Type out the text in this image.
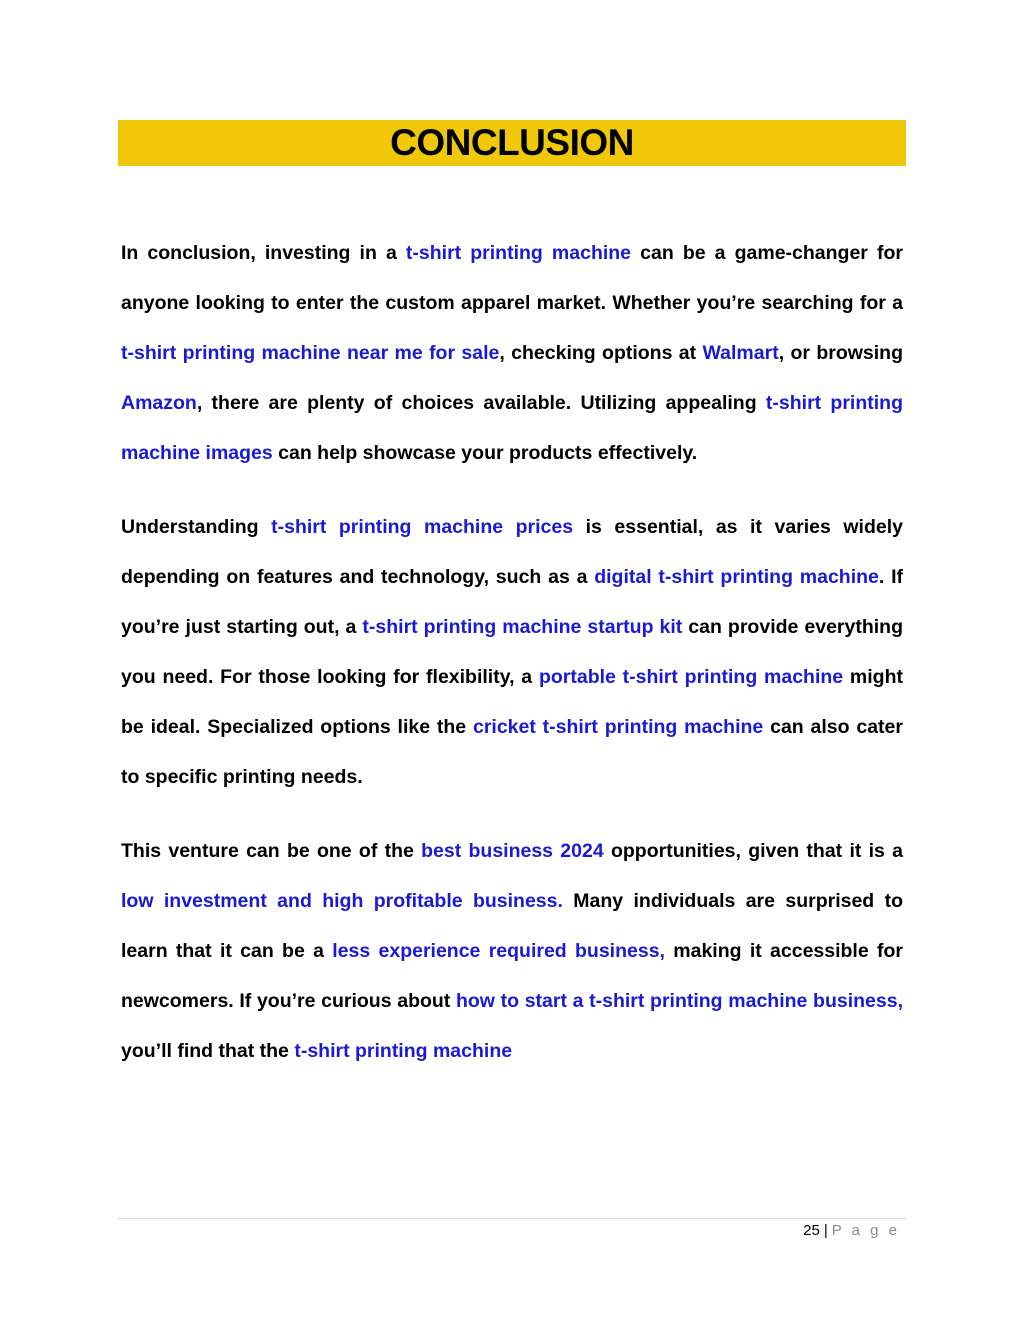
CONCLUSION

In conclusion, investing in a t-shirt printing machine can be a game-changer for anyone looking to enter the custom apparel market. Whether you’re searching for a t-shirt printing machine near me for sale, checking options at Walmart, or browsing Amazon, there are plenty of choices available. Utilizing appealing t-shirt printing machine images can help showcase your products effectively.

Understanding t-shirt printing machine prices is essential, as it varies widely depending on features and technology, such as a digital t-shirt printing machine. If you’re just starting out, a t-shirt printing machine startup kit can provide everything you need. For those looking for flexibility, a portable t-shirt printing machine might be ideal. Specialized options like the cricket t-shirt printing machine can also cater to specific printing needs.

This venture can be one of the best business 2024 opportunities, given that it is a low investment and high profitable business. Many individuals are surprised to learn that it can be a less experience required business, making it accessible for newcomers. If you’re curious about how to start a t-shirt printing machine business, you’ll find that the t-shirt printing machine

25 | P a g e
